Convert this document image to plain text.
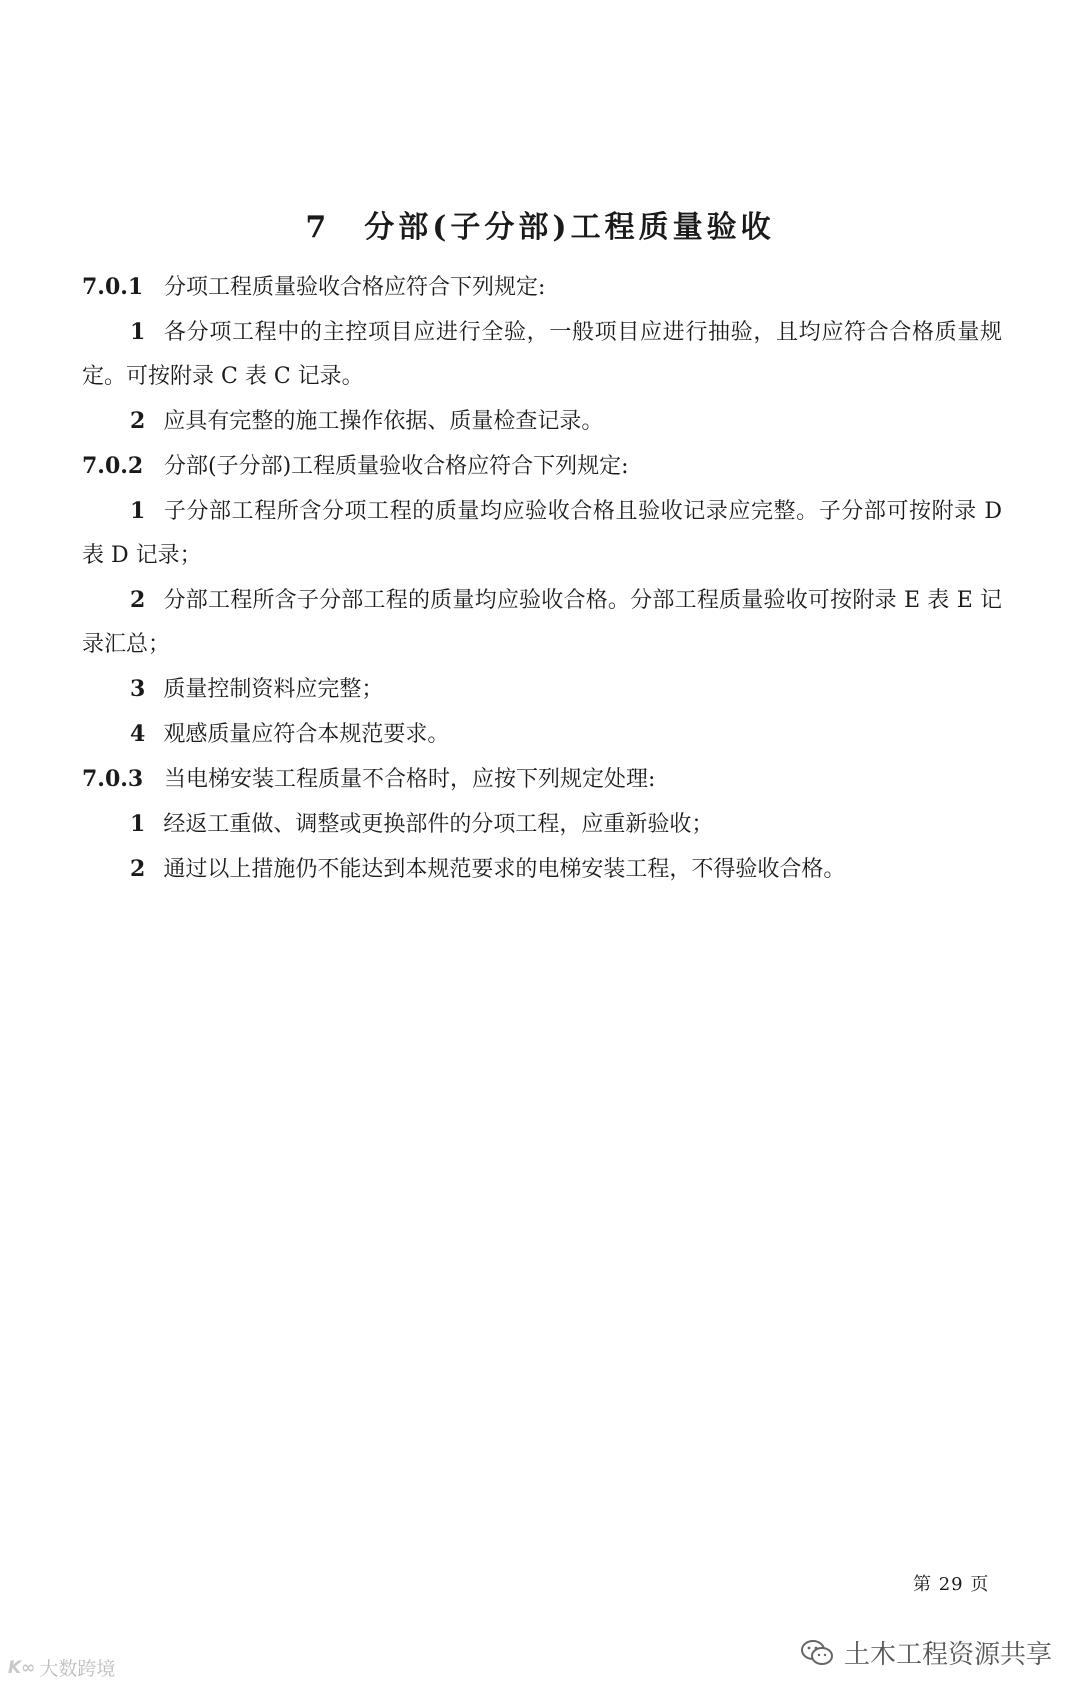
7 分部(子分部)工程质量验收

7.0.1 分项工程质量验收合格应符合下列规定:

1 各分项工程中的主控项目应进行全验，一般项目应进行抽验，且均应符合合格质量规定。可按附录 C 表 C 记录。

2 应具有完整的施工操作依据、质量检查记录。

7.0.2 分部(子分部)工程质量验收合格应符合下列规定:

1 子分部工程所含分项工程的质量均应验收合格且验收记录应完整。子分部可按附录 D 表 D 记录；

2 分部工程所含子分部工程的质量均应验收合格。分部工程质量验收可按附录 E 表 E 记录汇总；

3 质量控制资料应完整；

4 观感质量应符合本规范要求。

7.0.3 当电梯安装工程质量不合格时，应按下列规定处理:

1 经返工重做、调整或更换部件的分项工程，应重新验收；

2 通过以上措施仍不能达到本规范要求的电梯安装工程，不得验收合格。

第 29 页
K∞ 大数跨境	土木工程资源共享
